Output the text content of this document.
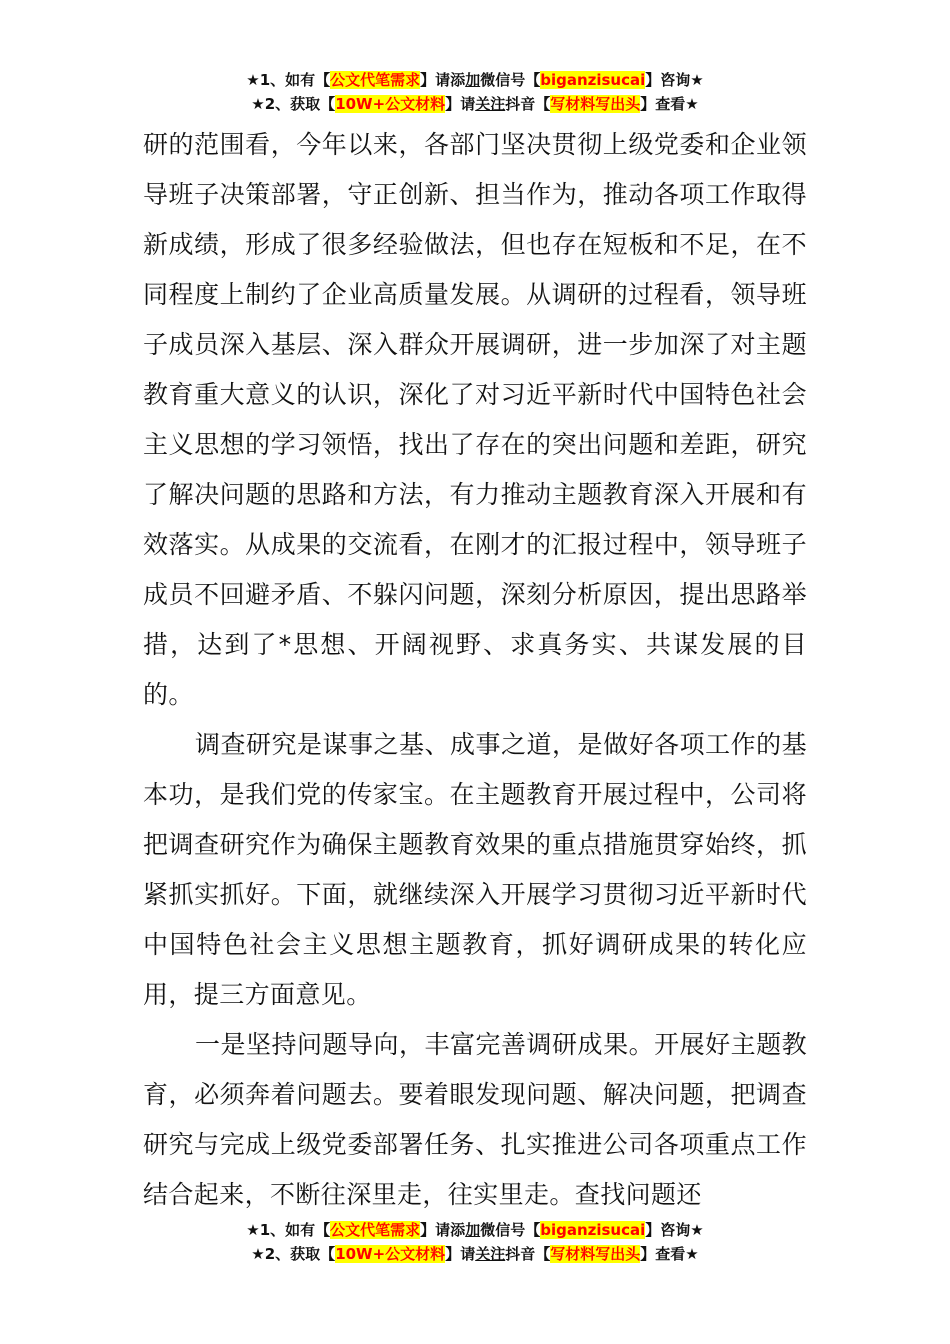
★1、如有【公文代笔需求】请添加微信号【biganzisucai】咨询★
★2、获取【10W+公文材料】请关注抖音【写材料写出头】查看★

研的范围看，今年以来，各部门坚决贯彻上级党委和企业领导班子决策部署，守正创新、担当作为，推动各项工作取得新成绩，形成了很多经验做法，但也存在短板和不足，在不同程度上制约了企业高质量发展。从调研的过程看，领导班子成员深入基层、深入群众开展调研，进一步加深了对主题教育重大意义的认识，深化了对习近平新时代中国特色社会主义思想的学习领悟，找出了存在的突出问题和差距，研究了解决问题的思路和方法，有力推动主题教育深入开展和有效落实。从成果的交流看，在刚才的汇报过程中，领导班子成员不回避矛盾、不躲闪问题，深刻分析原因，提出思路举措，达到了*思想、开阔视野、求真务实、共谋发展的目的。

调查研究是谋事之基、成事之道，是做好各项工作的基本功，是我们党的传家宝。在主题教育开展过程中，公司将把调查研究作为确保主题教育效果的重点措施贯穿始终，抓紧抓实抓好。下面，就继续深入开展学习贯彻习近平新时代中国特色社会主义思想主题教育，抓好调研成果的转化应用，提三方面意见。

一是坚持问题导向，丰富完善调研成果。开展好主题教育，必须奔着问题去。要着眼发现问题、解决问题，把调查研究与完成上级党委部署任务、扎实推进公司各项重点工作结合起来，不断往深里走，往实里走。查找问题还

★1、如有【公文代笔需求】请添加微信号【biganzisucai】咨询★
★2、获取【10W+公文材料】请关注抖音【写材料写出头】查看★
